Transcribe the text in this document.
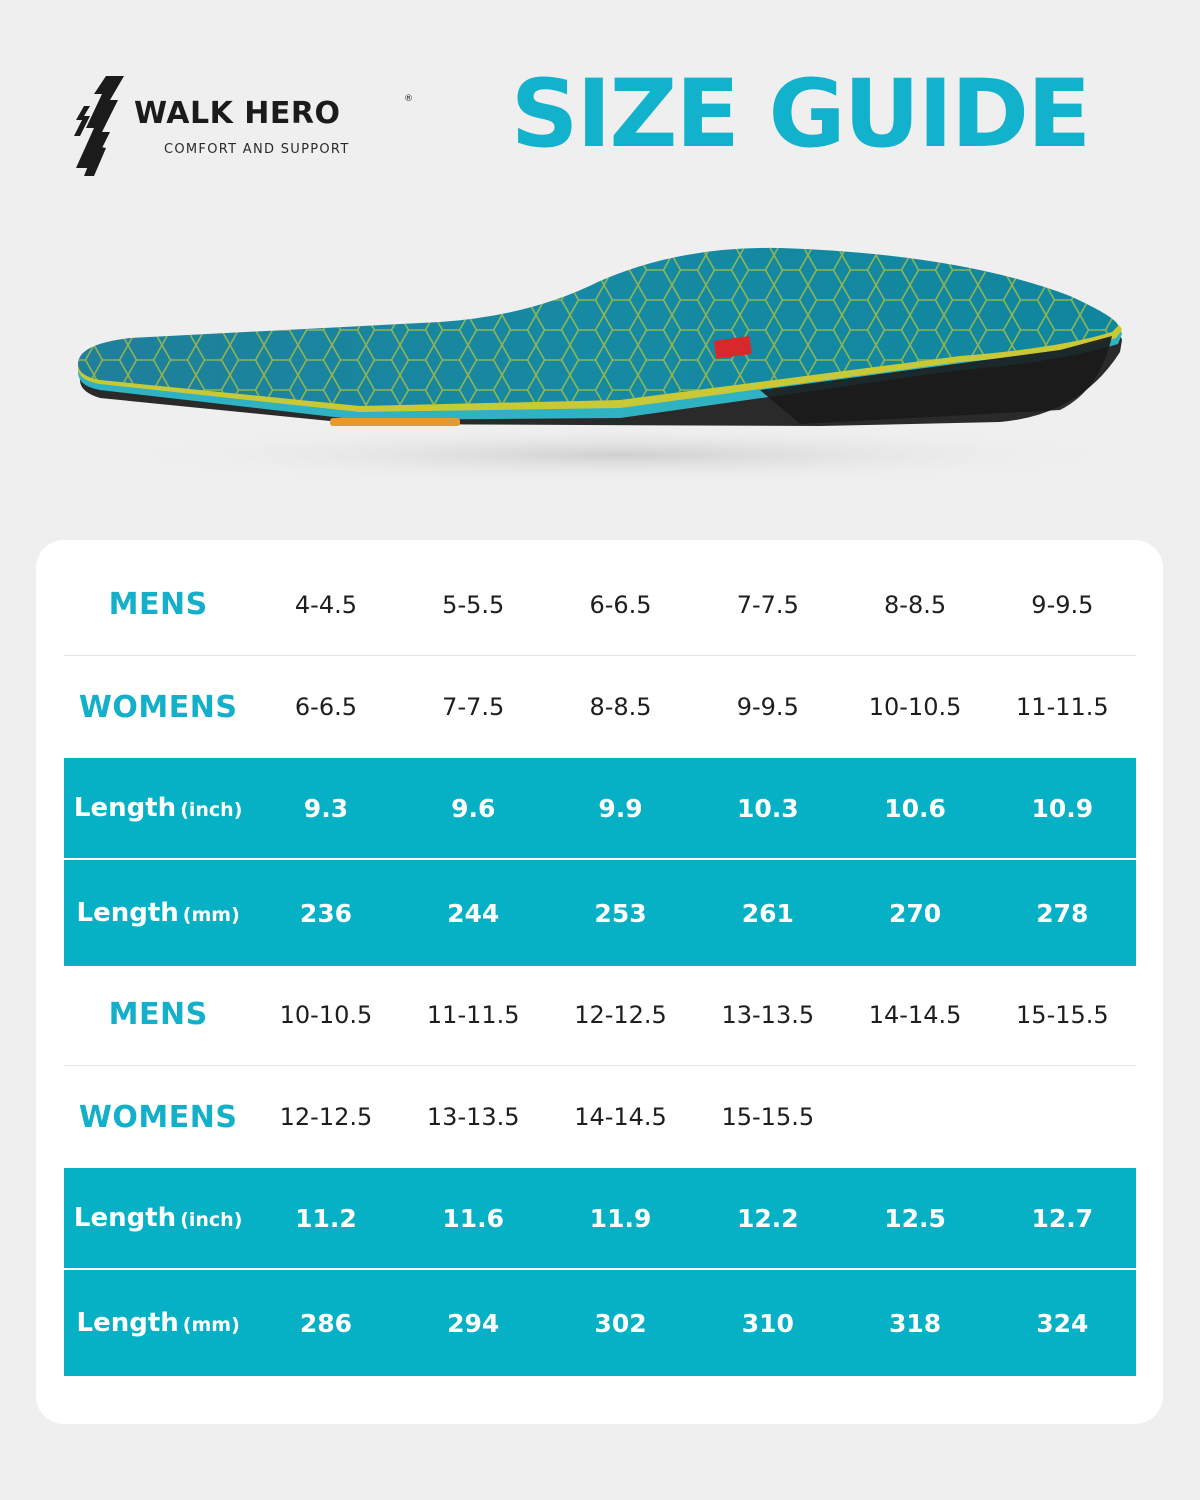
WALK HERO	®
COMFORT AND SUPPORT	SIZE GUIDE
MENS	4-4.5	5-5.5	6-6.5	7-7.5	8-8.5	9-9.5
WOMENS	6-6.5	7-7.5	8-8.5	9-9.5	10-10.5	11-11.5
Length (inch)	9.3	9.6	9.9	10.3	10.6	10.9
Length (mm)	236	244	253	261	270	278
MENS	10-10.5	11-11.5	12-12.5	13-13.5	14-14.5	15-15.5
WOMENS	12-12.5	13-13.5	14-14.5	15-15.5
Length (inch)	11.2	11.6	11.9	12.2	12.5	12.7
Length (mm)	286	294	302	310	318	324
